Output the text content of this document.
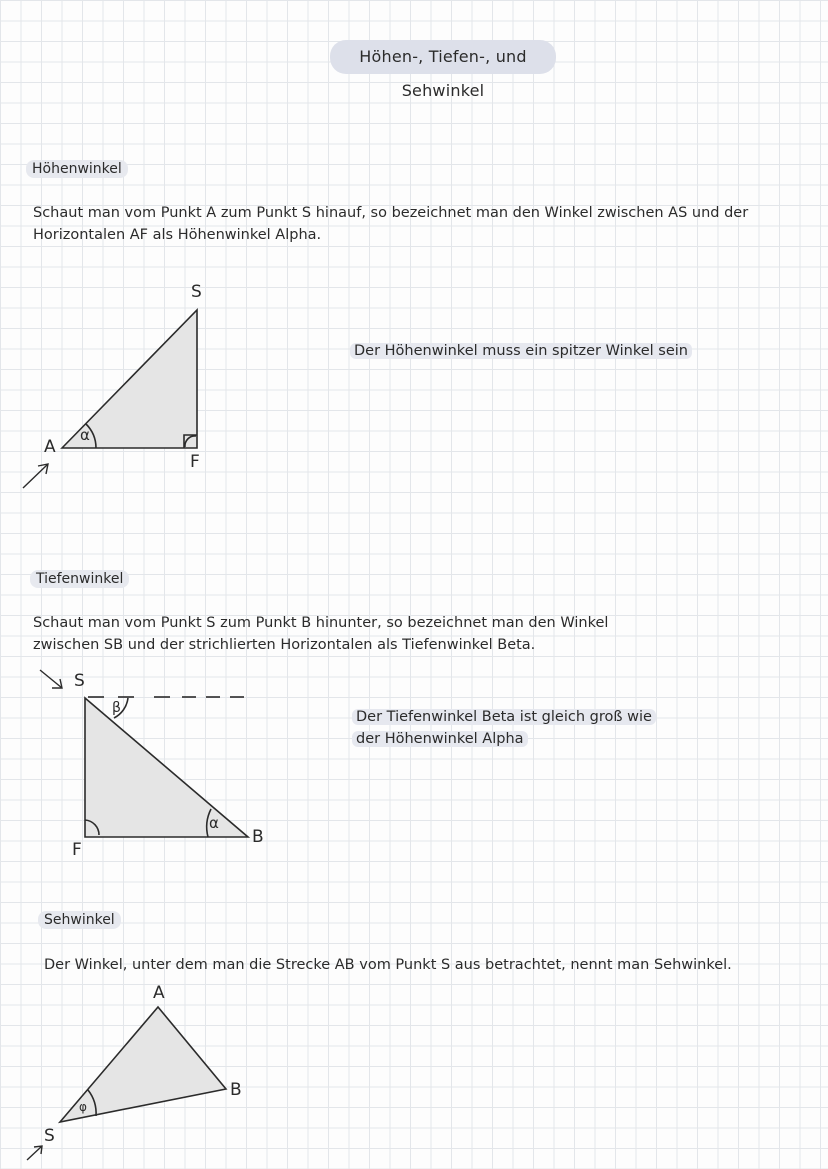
Höhen-, Tiefen-, und Sehwinkel
Höhenwinkel
Schaut man vom Punkt A zum Punkt S hinauf, so bezeichnet man den Winkel zwischen AS und der
Horizontalen AF als Höhenwinkel Alpha.
Der Höhenwinkel muss ein spitzer Winkel sein
Tiefenwinkel
Schaut man vom Punkt S zum Punkt B hinunter, so bezeichnet man den Winkel
zwischen SB und der strichlierten Horizontalen als Tiefenwinkel Beta.
Der Tiefenwinkel Beta ist gleich groß wie
der Höhenwinkel Alpha
Sehwinkel
Der Winkel, unter dem man die Strecke AB vom Punkt S aus betrachtet, nennt man Sehwinkel.
S
A
F
α
S
B
F
β
α
A
B
S
φ
